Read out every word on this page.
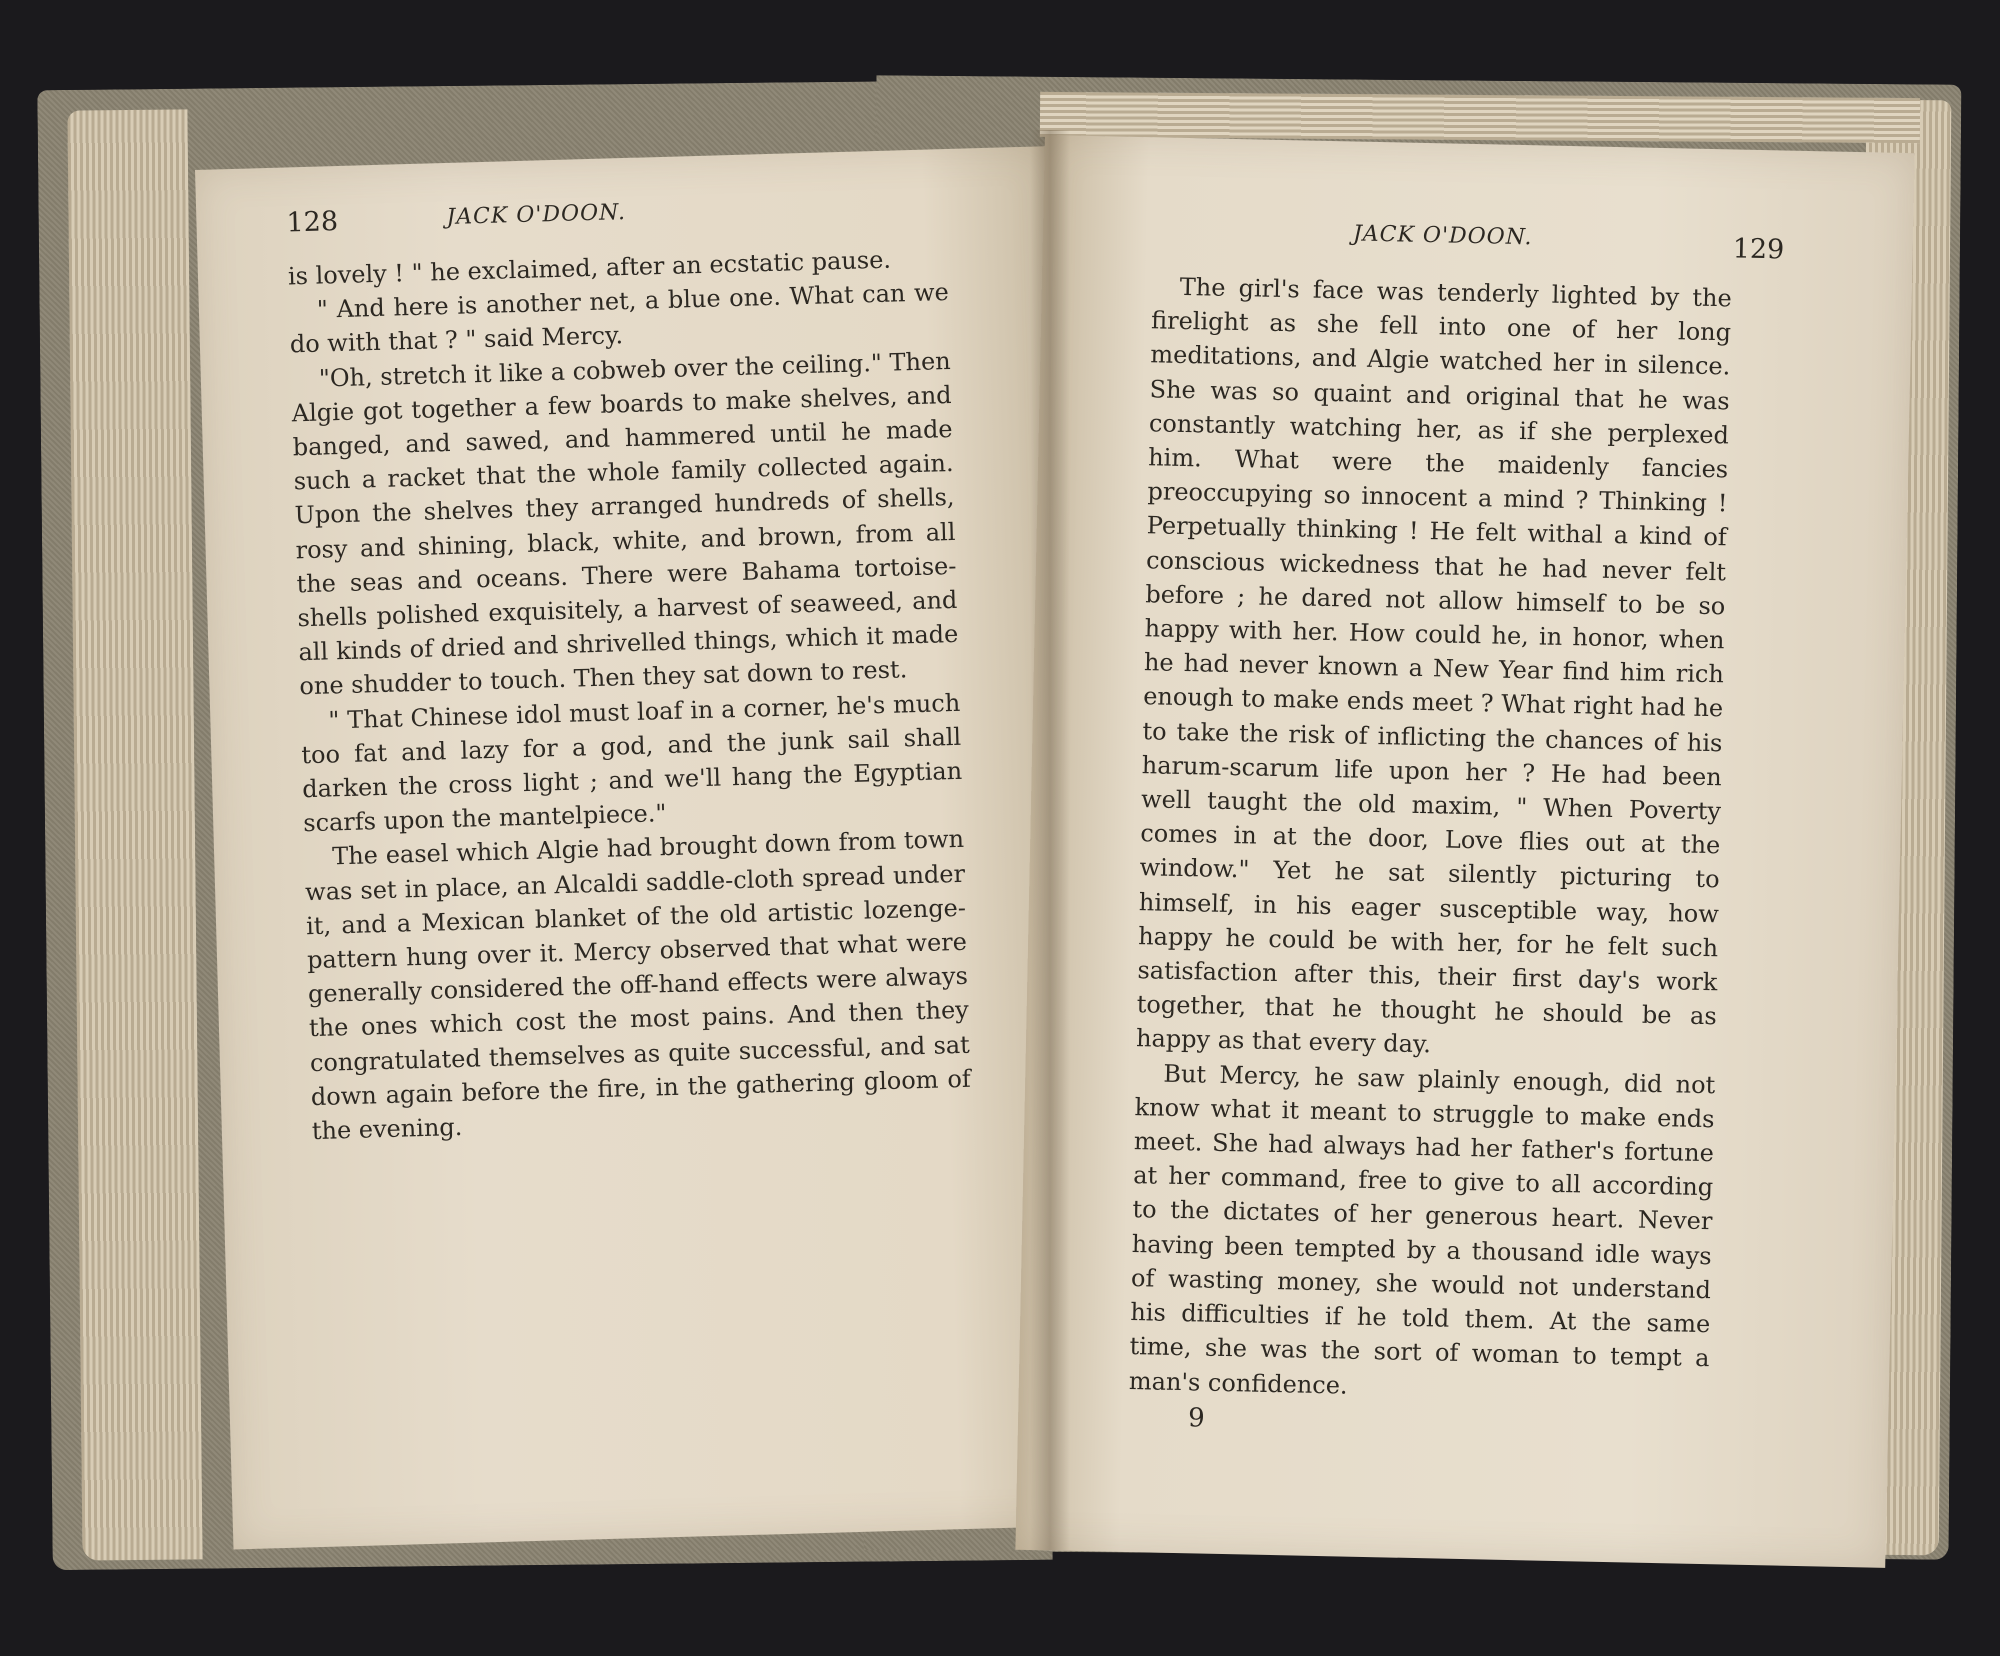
128	JACK O'DOON.

is lovely ! " he exclaimed, after an ecstatic pause.

" And here is another net, a blue one. What can we do with that ? " said Mercy.

"Oh, stretch it like a cobweb over the ceiling." Then Algie got together a few boards to make shelves, and banged, and sawed, and hammered until he made such a racket that the whole family collected again. Upon the shelves they arranged hundreds of shells, rosy and shining, black, white, and brown, from all the seas and oceans. There were Bahama tortoise-shells polished exquisitely, a harvest of seaweed, and all kinds of dried and shrivelled things, which it made one shudder to touch. Then they sat down to rest.

" That Chinese idol must loaf in a corner, he's much too fat and lazy for a god, and the junk sail shall darken the cross light ; and we'll hang the Egyptian scarfs upon the mantelpiece."

The easel which Algie had brought down from town was set in place, an Alcaldi saddle-cloth spread under it, and a Mexican blanket of the old artistic lozenge-pattern hung over it. Mercy observed that what were generally considered the off-hand effects were always the ones which cost the most pains. And then they congratulated themselves as quite successful, and sat down again before the fire, in the gathering gloom of the evening.

JACK O'DOON.	129

The girl's face was tenderly lighted by the firelight as she fell into one of her long meditations, and Algie watched her in silence. She was so quaint and original that he was constantly watching her, as if she perplexed him. What were the maidenly fancies preoccupying so innocent a mind ? Thinking ! Perpetually thinking ! He felt withal a kind of conscious wickedness that he had never felt before ; he dared not allow himself to be so happy with her. How could he, in honor, when he had never known a New Year find him rich enough to make ends meet ? What right had he to take the risk of inflicting the chances of his harum-scarum life upon her ? He had been well taught the old maxim, " When Poverty comes in at the door, Love flies out at the window." Yet he sat silently picturing to himself, in his eager susceptible way, how happy he could be with her, for he felt such satisfaction after this, their first day's work together, that he thought he should be as happy as that every day.

But Mercy, he saw plainly enough, did not know what it meant to struggle to make ends meet. She had always had her father's fortune at her command, free to give to all according to the dictates of her generous heart. Never having been tempted by a thousand idle ways of wasting money, she would not understand his difficulties if he told them. At the same time, she was the sort of woman to tempt a man's confidence.

9
